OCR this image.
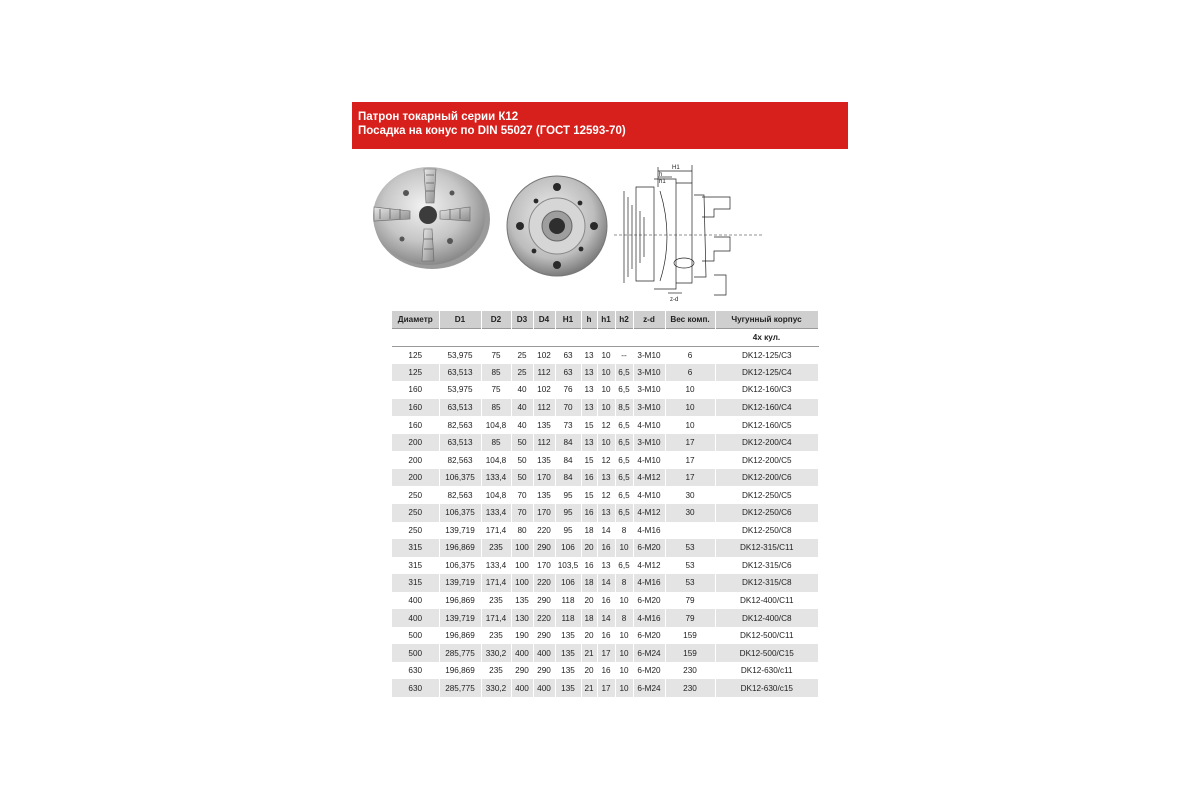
Патрон токарный серии К12
Посадка на конус по DIN 55027 (ГОСТ 12593-70)
H1
h
h1
z-d
Диаметр	D1	D2	D3	D4	H1	h	h1	h2	z-d	Вес комп.	Чугунный корпус
											4х кул.
125	53,975	75	25	102	63	13	10	--	3-M10	6	DK12-125/C3
125	63,513	85	25	112	63	13	10	6,5	3-M10	6	DK12-125/C4
160	53,975	75	40	102	76	13	10	6,5	3-M10	10	DK12-160/C3
160	63,513	85	40	112	70	13	10	8,5	3-M10	10	DK12-160/C4
160	82,563	104,8	40	135	73	15	12	6,5	4-M10	10	DK12-160/C5
200	63,513	85	50	112	84	13	10	6,5	3-M10	17	DK12-200/C4
200	82,563	104,8	50	135	84	15	12	6,5	4-M10	17	DK12-200/C5
200	106,375	133,4	50	170	84	16	13	6,5	4-M12	17	DK12-200/C6
250	82,563	104,8	70	135	95	15	12	6,5	4-M10	30	DK12-250/C5
250	106,375	133,4	70	170	95	16	13	6,5	4-M12	30	DK12-250/C6
250	139,719	171,4	80	220	95	18	14	8	4-M16		DK12-250/C8
315	196,869	235	100	290	106	20	16	10	6-M20	53	DK12-315/C11
315	106,375	133,4	100	170	103,5	16	13	6,5	4-M12	53	DK12-315/C6
315	139,719	171,4	100	220	106	18	14	8	4-M16	53	DK12-315/C8
400	196,869	235	135	290	118	20	16	10	6-M20	79	DK12-400/C11
400	139,719	171,4	130	220	118	18	14	8	4-M16	79	DK12-400/C8
500	196,869	235	190	290	135	20	16	10	6-M20	159	DK12-500/C11
500	285,775	330,2	400	400	135	21	17	10	6-M24	159	DK12-500/C15
630	196,869	235	290	290	135	20	16	10	6-M20	230	DK12-630/c11
630	285,775	330,2	400	400	135	21	17	10	6-M24	230	DK12-630/c15
